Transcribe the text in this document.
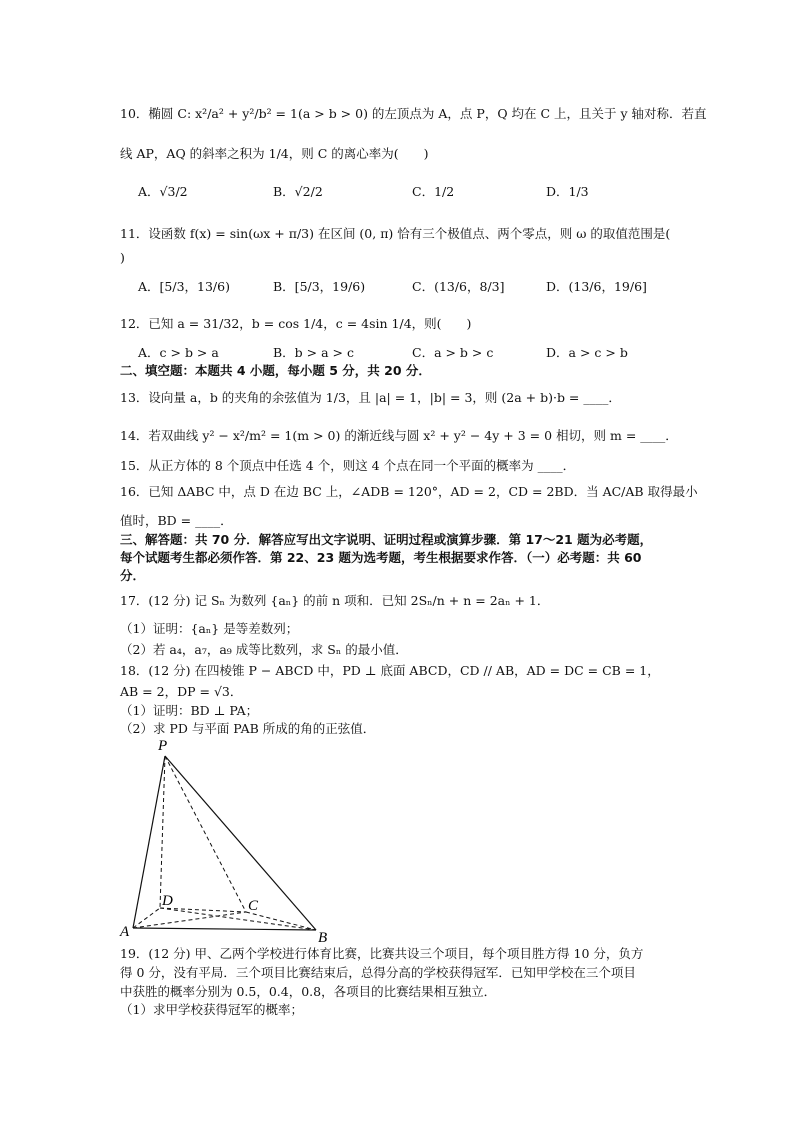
10．椭圆 C: x²/a² + y²/b² = 1(a > b > 0) 的左顶点为 A，点 P，Q 均在 C 上，且关于 y 轴对称．若直
线 AP，AQ 的斜率之积为 1/4，则 C 的离心率为(　　)
A．√3/2	B．√2/2	C．1/2	D．1/3
11．设函数 f(x) = sin(ωx + π/3) 在区间 (0, π) 恰有三个极值点、两个零点，则 ω 的取值范围是(
)
A．[5/3，13/6)	B．[5/3，19/6)	C．(13/6，8/3]	D．(13/6，19/6]
12．已知 a = 31/32，b = cos 1/4，c = 4sin 1/4，则(　　)
A．c > b > a	B．b > a > c	C．a > b > c	D．a > c > b
二、填空题：本题共 4 小题，每小题 5 分，共 20 分．
13．设向量 a，b 的夹角的余弦值为 1/3，且 |a| = 1，|b| = 3，则 (2a + b)·b = ____．
14．若双曲线 y² − x²/m² = 1(m > 0) 的渐近线与圆 x² + y² − 4y + 3 = 0 相切，则 m = ____．
15．从正方体的 8 个顶点中任选 4 个，则这 4 个点在同一个平面的概率为 ____．
16．已知 ΔABC 中，点 D 在边 BC 上，∠ADB = 120°，AD = 2，CD = 2BD．当 AC/AB 取得最小
值时，BD = ____．
三、解答题：共 70 分．解答应写出文字说明、证明过程或演算步骤．第 17～21 题为必考题，
每个试题考生都必须作答．第 22、23 题为选考题，考生根据要求作答．（一）必考题：共 60
分．
17．(12 分) 记 Sₙ 为数列 {aₙ} 的前 n 项和．已知 2Sₙ/n + n = 2aₙ + 1．
（1）证明：{aₙ} 是等差数列；
（2）若 a₄，a₇，a₉ 成等比数列，求 Sₙ 的最小值．
18．(12 分) 在四棱锥 P − ABCD 中，PD ⊥ 底面 ABCD，CD // AB，AD = DC = CB = 1，
AB = 2，DP = √3．
（1）证明：BD ⊥ PA；
（2）求 PD 与平面 PAB 所成的角的正弦值．
P
D	C
A	B
19．(12 分) 甲、乙两个学校进行体育比赛，比赛共设三个项目，每个项目胜方得 10 分，负方
得 0 分，没有平局．三个项目比赛结束后，总得分高的学校获得冠军．已知甲学校在三个项目
中获胜的概率分别为 0.5，0.4，0.8，各项目的比赛结果相互独立．
（1）求甲学校获得冠军的概率；
